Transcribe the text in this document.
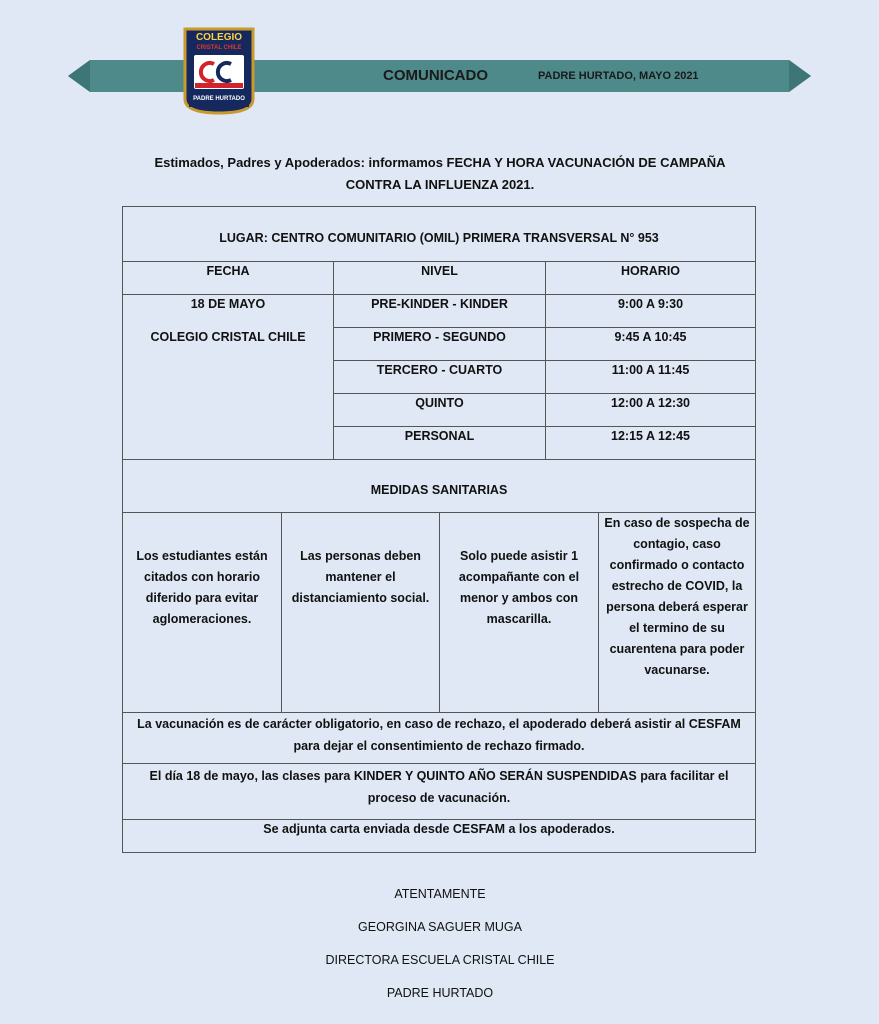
COMUNICADO	PADRE HURTADO, MAYO 2021
COLEGIO
CRISTAL CHILE
PADRE HURTADO
Estimados, Padres y Apoderados: informamos FECHA Y HORA VACUNACIÓN DE CAMPAÑA
CONTRA LA INFLUENZA 2021.
LUGAR: CENTRO COMUNITARIO (OMIL) PRIMERA TRANSVERSAL N° 953
FECHA	NIVEL	HORARIO
18 DE MAYO
COLEGIO CRISTAL CHILE
PRE-KINDER - KINDER	9:00 A 9:30
PRIMERO - SEGUNDO	9:45 A 10:45
TERCERO - CUARTO	11:00 A 11:45
QUINTO	12:00 A 12:30
PERSONAL	12:15 A 12:45
MEDIDAS SANITARIAS
Los estudiantes están citados con horario diferido para evitar aglomeraciones.
Las personas deben mantener el distanciamiento social.
Solo puede asistir 1 acompañante con el menor y ambos con mascarilla.
En caso de sospecha de contagio, caso confirmado o contacto estrecho de COVID, la persona deberá esperar el termino de su cuarentena para poder vacunarse.
La vacunación es de carácter obligatorio, en caso de rechazo, el apoderado deberá asistir al CESFAM para dejar el consentimiento de rechazo firmado.
El día 18 de mayo, las clases para KINDER Y QUINTO AÑO SERÁN SUSPENDIDAS para facilitar el proceso de vacunación.
Se adjunta carta enviada desde CESFAM a los apoderados.
ATENTAMENTE
GEORGINA SAGUER MUGA
DIRECTORA ESCUELA CRISTAL CHILE
PADRE HURTADO
